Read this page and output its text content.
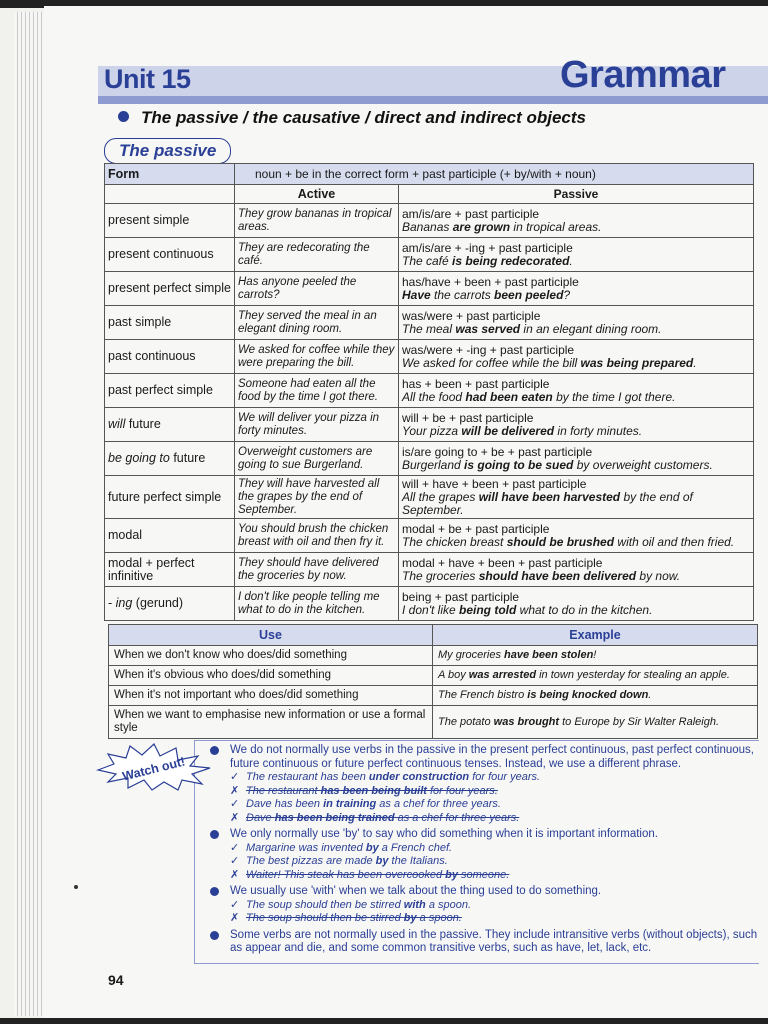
Unit 15	Grammar
The passive / the causative / direct and indirect objects
The passive
Form	noun + be in the correct form + past participle (+ by/with + noun)	
	Active	Passive
present simple	They grow bananas in tropical areas.	am/is/are + past participle
Bananas are grown in tropical areas.

present continuous	They are redecorating the café.	am/is/are + -ing + past participle
The café is being redecorated.

present perfect simple	Has anyone peeled the carrots?	has/have + been + past participle
Have the carrots been peeled?

past simple	They served the meal in an elegant dining room.	was/were + past participle
The meal was served in an elegant dining room.

past continuous	We asked for coffee while they were preparing the bill.	was/were + -ing + past participle
We asked for coffee while the bill was being prepared.

past perfect simple	Someone had eaten all the food by the time I got there.	has + been + past participle
All the food had been eaten by the time I got there.

will future	We will deliver your pizza in forty minutes.	will + be + past participle
Your pizza will be delivered in forty minutes.

be going to future	Overweight customers are going to sue Burgerland.	is/are going to + be + past participle
Burgerland is going to be sued by overweight customers.

future perfect simple	They will have harvested all the grapes by the end of September.	will + have + been + past participle
All the grapes will have been harvested by the end of September.

modal	You should brush the chicken breast with oil and then fry it.	modal + be + past participle
The chicken breast should be brushed with oil and then fried.

modal + perfect infinitive	They should have delivered the groceries by now.	modal + have + been + past participle
The groceries should have been delivered by now.

- ing (gerund)	I don't like people telling me what to do in the kitchen.	being + past participle
I don't like being told what to do in the kitchen.
Use	Example
When we don't know who does/did something	My groceries have been stolen!
When it's obvious who does/did something	A boy was arrested in town yesterday for stealing an apple.
When it's not important who does/did something	The French bistro is being knocked down.
When we want to emphasise new information or use a formal style	The potato was brought to Europe by Sir Walter Raleigh.
Watch out!

We do not normally use verbs in the passive in the present perfect continuous, past perfect continuous, future continuous or future perfect continuous tenses. Instead, we use a different phrase.

✓ The restaurant has been under construction for four years.

✗ The restaurant has been being built for four years.

✓ Dave has been in training as a chef for three years.

✗ Dave has been being trained as a chef for three years.

We only normally use 'by' to say who did something when it is important information.

✓ Margarine was invented by a French chef.

✓ The best pizzas are made by the Italians.

✗ Waiter! This steak has been overcooked by someone.

We usually use 'with' when we talk about the thing used to do something.

✓ The soup should then be stirred with a spoon.

✗ The soup should then be stirred by a spoon.

Some verbs are not normally used in the passive. They include intransitive verbs (without objects), such as appear and die, and some common transitive verbs, such as have, let, lack, etc.

94
